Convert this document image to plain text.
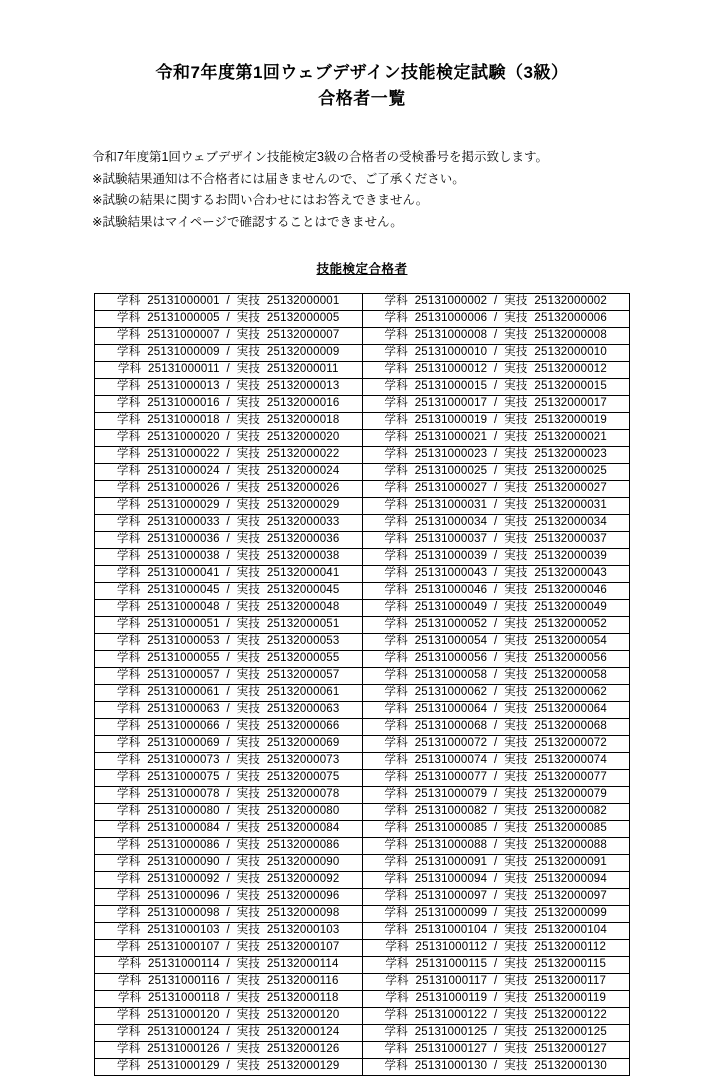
令和7年度第1回ウェブデザイン技能検定試験（3級）
合格者一覧
令和7年度第1回ウェブデザイン技能検定3級の合格者の受検番号を掲示致します。
※試験結果通知は不合格者には届きませんので、ご了承ください。
※試験の結果に関するお問い合わせにはお答えできません。
※試験結果はマイページで確認することはできません。
技能検定合格者
学科  25131000001  /  実技  25132000001	学科  25131000002  /  実技  25132000002
学科  25131000005  /  実技  25132000005	学科  25131000006  /  実技  25132000006
学科  25131000007  /  実技  25132000007	学科  25131000008  /  実技  25132000008
学科  25131000009  /  実技  25132000009	学科  25131000010  /  実技  25132000010
学科  25131000011  /  実技  25132000011	学科  25131000012  /  実技  25132000012
学科  25131000013  /  実技  25132000013	学科  25131000015  /  実技  25132000015
学科  25131000016  /  実技  25132000016	学科  25131000017  /  実技  25132000017
学科  25131000018  /  実技  25132000018	学科  25131000019  /  実技  25132000019
学科  25131000020  /  実技  25132000020	学科  25131000021  /  実技  25132000021
学科  25131000022  /  実技  25132000022	学科  25131000023  /  実技  25132000023
学科  25131000024  /  実技  25132000024	学科  25131000025  /  実技  25132000025
学科  25131000026  /  実技  25132000026	学科  25131000027  /  実技  25132000027
学科  25131000029  /  実技  25132000029	学科  25131000031  /  実技  25132000031
学科  25131000033  /  実技  25132000033	学科  25131000034  /  実技  25132000034
学科  25131000036  /  実技  25132000036	学科  25131000037  /  実技  25132000037
学科  25131000038  /  実技  25132000038	学科  25131000039  /  実技  25132000039
学科  25131000041  /  実技  25132000041	学科  25131000043  /  実技  25132000043
学科  25131000045  /  実技  25132000045	学科  25131000046  /  実技  25132000046
学科  25131000048  /  実技  25132000048	学科  25131000049  /  実技  25132000049
学科  25131000051  /  実技  25132000051	学科  25131000052  /  実技  25132000052
学科  25131000053  /  実技  25132000053	学科  25131000054  /  実技  25132000054
学科  25131000055  /  実技  25132000055	学科  25131000056  /  実技  25132000056
学科  25131000057  /  実技  25132000057	学科  25131000058  /  実技  25132000058
学科  25131000061  /  実技  25132000061	学科  25131000062  /  実技  25132000062
学科  25131000063  /  実技  25132000063	学科  25131000064  /  実技  25132000064
学科  25131000066  /  実技  25132000066	学科  25131000068  /  実技  25132000068
学科  25131000069  /  実技  25132000069	学科  25131000072  /  実技  25132000072
学科  25131000073  /  実技  25132000073	学科  25131000074  /  実技  25132000074
学科  25131000075  /  実技  25132000075	学科  25131000077  /  実技  25132000077
学科  25131000078  /  実技  25132000078	学科  25131000079  /  実技  25132000079
学科  25131000080  /  実技  25132000080	学科  25131000082  /  実技  25132000082
学科  25131000084  /  実技  25132000084	学科  25131000085  /  実技  25132000085
学科  25131000086  /  実技  25132000086	学科  25131000088  /  実技  25132000088
学科  25131000090  /  実技  25132000090	学科  25131000091  /  実技  25132000091
学科  25131000092  /  実技  25132000092	学科  25131000094  /  実技  25132000094
学科  25131000096  /  実技  25132000096	学科  25131000097  /  実技  25132000097
学科  25131000098  /  実技  25132000098	学科  25131000099  /  実技  25132000099
学科  25131000103  /  実技  25132000103	学科  25131000104  /  実技  25132000104
学科  25131000107  /  実技  25132000107	学科  25131000112  /  実技  25132000112
学科  25131000114  /  実技  25132000114	学科  25131000115  /  実技  25132000115
学科  25131000116  /  実技  25132000116	学科  25131000117  /  実技  25132000117
学科  25131000118  /  実技  25132000118	学科  25131000119  /  実技  25132000119
学科  25131000120  /  実技  25132000120	学科  25131000122  /  実技  25132000122
学科  25131000124  /  実技  25132000124	学科  25131000125  /  実技  25132000125
学科  25131000126  /  実技  25132000126	学科  25131000127  /  実技  25132000127
学科  25131000129  /  実技  25132000129	学科  25131000130  /  実技  25132000130
